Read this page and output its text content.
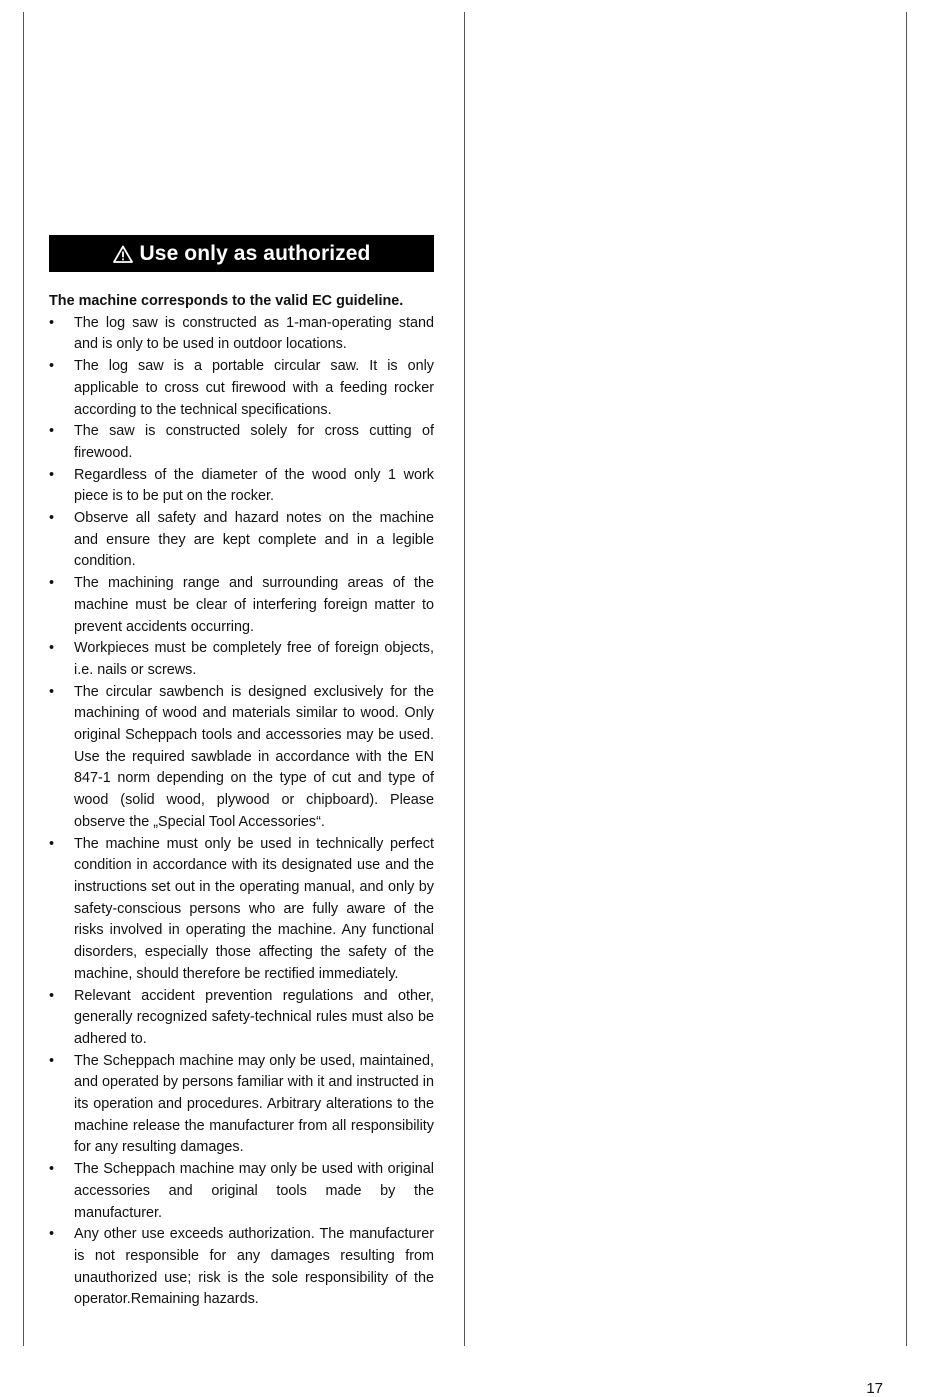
Use only as authorized
The machine corresponds to the valid EC guideline.
• The log saw is constructed as 1-man-operating stand and is only to be used in outdoor locations.
• The log saw is a portable circular saw. It is only applicable to cross cut firewood with a feeding rocker according to the technical specifications.
• The saw is constructed solely for cross cutting of firewood.
• Regardless of the diameter of the wood only 1 work piece is to be put on the rocker.
• Observe all safety and hazard notes on the machine and ensure they are kept complete and in a legible condition.
• The machining range and surrounding areas of the machine must be clear of interfering foreign matter to prevent accidents occurring.
• Workpieces must be completely free of foreign objects, i.e. nails or screws.
• The circular sawbench is designed exclusively for the machining of wood and materials similar to wood. Only original Scheppach tools and accessories may be used. Use the required sawblade in accordance with the EN 847-1 norm depending on the type of cut and type of wood (solid wood, plywood or chipboard). Please observe the „Special Tool Accessories“.
• The machine must only be used in technically perfect condition in accordance with its designated use and the instructions set out in the operating manual, and only by safety-conscious persons who are fully aware of the risks involved in operating the machine. Any functional disorders, especially those affecting the safety of the machine, should therefore be rectified immediately.
• Relevant accident prevention regulations and other, generally recognized safety-technical rules must also be adhered to.
• The Scheppach machine may only be used, maintained, and operated by persons familiar with it and instructed in its operation and procedures. Arbitrary alterations to the machine release the manufacturer from all responsibility for any resulting damages.
• The Scheppach machine may only be used with original accessories and original tools made by the manufacturer.
• Any other use exceeds authorization. The manufacturer is not responsible for any damages resulting from unauthorized use; risk is the sole responsibility of the operator.Remaining hazards.
17
